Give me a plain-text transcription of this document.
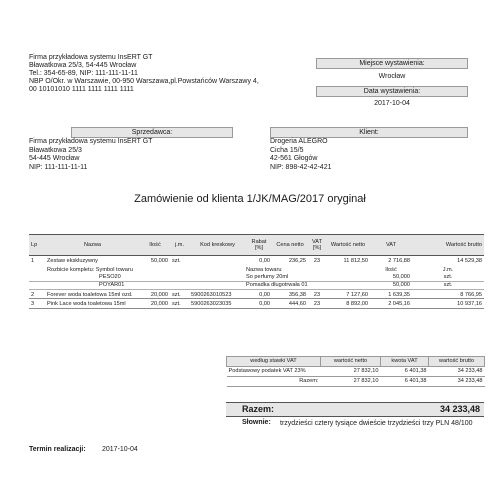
Firma przykładowa systemu InsERT GT
Bławatkowa 25/3, 54-445 Wrocław
Tel.: 354-65-89, NIP: 111-111-11-11
NBP O/Okr. w Warszawie, 00-950 Warszawa,pl.Powstańców Warszawy 4,
00 10101010 1111 1111 1111 1111
Miejsce wystawienia:
Wrocław
Data wystawienia:
2017-10-04
Sprzedawca:
Firma przykładowa systemu InsERT GT
Bławatkowa 25/3
54-445 Wrocław
NIP: 111-111-11-11
Klient:
Drogeria ALEGRO
Cicha 15/5
42-561 Głogów
NIP: 898-42-42-421
Zamówienie od klienta 1/JK/MAG/2017 oryginał
Lp	Nazwa	Ilość	j.m.	Kod kreskowy	Rabat [%]	Cena netto	VAT [%]	Wartość netto	VAT	Wartość brutto
1	Zestaw ekskluzywny	50,000	szt.		0,00	236,25	23	11 812,50	2 716,88	14 529,38
	Rozbicie kompletu: Symbol towaru				Nazwa towaru				Ilość	J.m.
	PESO20				So perfumy 20ml				50,000	szt.
	POYAR01				Pomadka długotrwała 01				50,000	szt.
2	Forever woda toaletowa 15ml ozd.	20,000	szt.	5900263010523	0,00	356,38	23	7 127,60	1 639,35	8 766,95
3	Pink Lace woda toaletowa 15ml	20,000	szt.	5900263023035	0,00	444,60	23	8 892,00	2 045,16	10 937,16
według stawki VAT	wartość netto	kwota VAT	wartość brutto
Podstawowy podatek VAT 23%	27 832,10	6 401,38	34 233,48
Razem:	27 832,10	6 401,38	34 233,48
Razem:	34 233,48
Słownie: trzydzieści cztery tysiące dwieście trzydzieści trzy PLN 48/100
Termin realizacji: 2017-10-04
